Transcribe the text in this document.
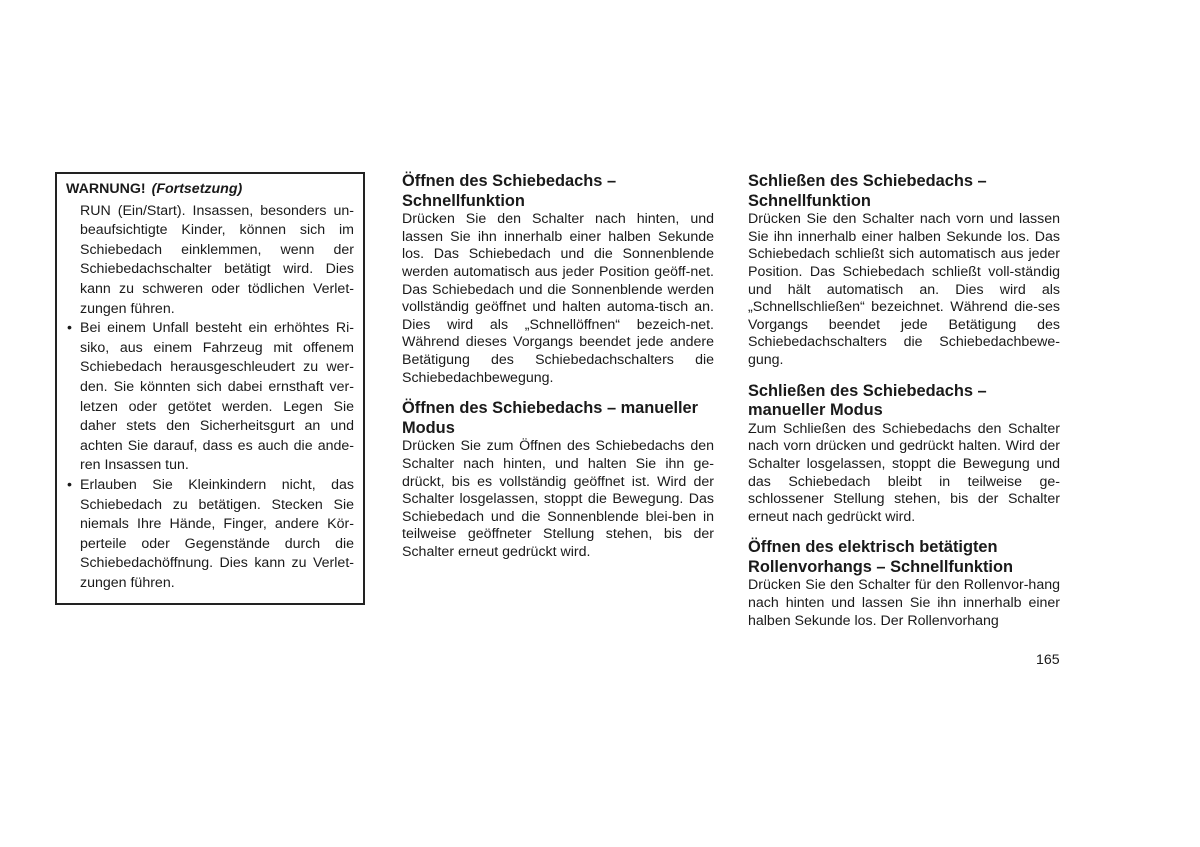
WARNUNG! (Fortsetzung)

RUN (Ein/Start). Insassen, besonders un-beaufsichtigte Kinder, können sich im Schiebedach einklemmen, wenn der Schiebedachschalter betätigt wird. Dies kann zu schweren oder tödlichen Verlet-zungen führen.

• Bei einem Unfall besteht ein erhöhtes Ri-siko, aus einem Fahrzeug mit offenem Schiebedach herausgeschleudert zu wer-den. Sie könnten sich dabei ernsthaft ver-letzen oder getötet werden. Legen Sie daher stets den Sicherheitsgurt an und achten Sie darauf, dass es auch die ande-ren Insassen tun.
• Erlauben Sie Kleinkindern nicht, das Schiebedach zu betätigen. Stecken Sie niemals Ihre Hände, Finger, andere Kör-perteile oder Gegenstände durch die Schiebedachöffnung. Dies kann zu Verlet-zungen führen.
Öffnen des Schiebedachs – Schnellfunktion

Drücken Sie den Schalter nach hinten, und lassen Sie ihn innerhalb einer halben Sekunde los. Das Schiebedach und die Sonnenblende werden automatisch aus jeder Position geöff-net. Das Schiebedach und die Sonnenblende werden vollständig geöffnet und halten automa-tisch an. Dies wird als „Schnellöffnen“ bezeich-net. Während dieses Vorgangs beendet jede andere Betätigung des Schiebedachschalters die Schiebedachbewegung.

Öffnen des Schiebedachs – manueller Modus

Drücken Sie zum Öffnen des Schiebedachs den Schalter nach hinten, und halten Sie ihn ge-drückt, bis es vollständig geöffnet ist. Wird der Schalter losgelassen, stoppt die Bewegung. Das Schiebedach und die Sonnenblende blei-ben in teilweise geöffneter Stellung stehen, bis der Schalter erneut gedrückt wird.

Schließen des Schiebedachs – Schnellfunktion

Drücken Sie den Schalter nach vorn und lassen Sie ihn innerhalb einer halben Sekunde los. Das Schiebedach schließt sich automatisch aus jeder Position. Das Schiebedach schließt voll-ständig und hält automatisch an. Dies wird als „Schnellschließen“ bezeichnet. Während die-ses Vorgangs beendet jede Betätigung des Schiebedachschalters die Schiebedachbewe-gung.

Schließen des Schiebedachs – manueller Modus

Zum Schließen des Schiebedachs den Schalter nach vorn drücken und gedrückt halten. Wird der Schalter losgelassen, stoppt die Bewegung und das Schiebedach bleibt in teilweise ge-schlossener Stellung stehen, bis der Schalter erneut nach gedrückt wird.

Öffnen des elektrisch betätigten Rollenvorhangs – Schnellfunktion

Drücken Sie den Schalter für den Rollenvor-hang nach hinten und lassen Sie ihn innerhalb einer halben Sekunde los. Der Rollenvorhang

165
